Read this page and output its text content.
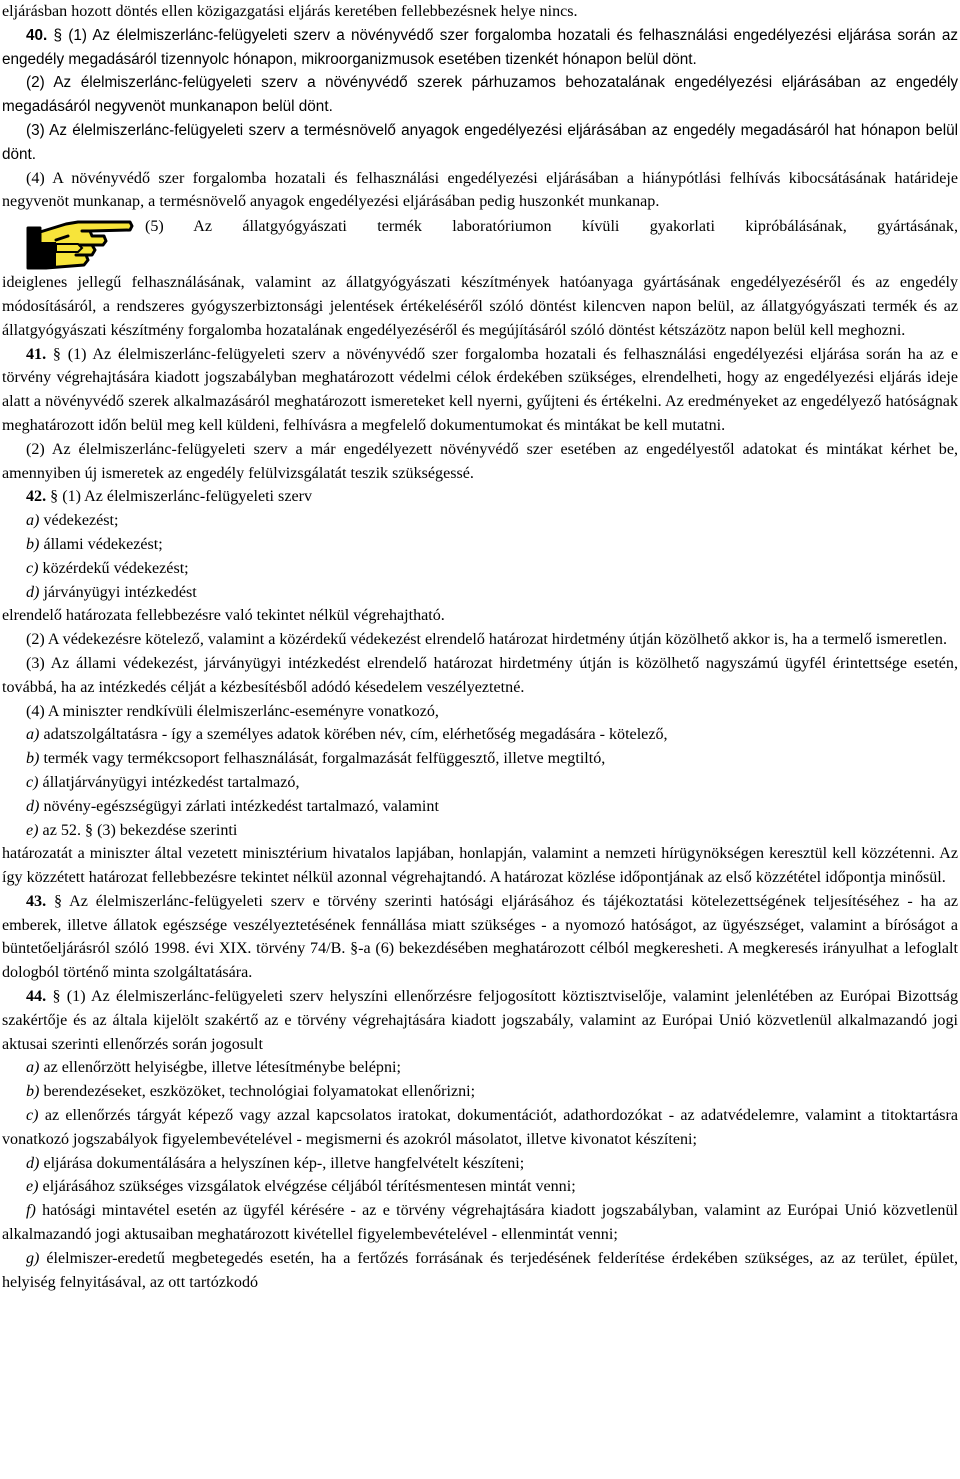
eljárásban hozott döntés ellen közigazgatási eljárás keretében fellebbezésnek helye nincs.

40. § (1) Az élelmiszerlánc-felügyeleti szerv a növényvédő szer forgalomba hozatali és felhasználási engedélyezési eljárása során az engedély megadásáról tizennyolc hónapon, mikroorganizmusok esetében tizenkét hónapon belül dönt.

(2) Az élelmiszerlánc-felügyeleti szerv a növényvédő szerek párhuzamos behozatalának engedélyezési eljárásában az engedély megadásáról negyvenöt munkanapon belül dönt.

(3) Az élelmiszerlánc-felügyeleti szerv a termésnövelő anyagok engedélyezési eljárásában az engedély megadásáról hat hónapon belül dönt.

(4) A növényvédő szer forgalomba hozatali és felhasználási engedélyezési eljárásában a hiánypótlási felhívás kibocsátásának határideje negyvenöt munkanap, a termésnövelő anyagok engedélyezési eljárásában pedig huszonkét munkanap.

(5) Az állatgyógyászati termék laboratóriumon kívüli gyakorlati kipróbálásának, gyártásának,

ideiglenes jellegű felhasználásának, valamint az állatgyógyászati készítmények hatóanyaga gyártásának engedélyezéséről és az engedély módosításáról, a rendszeres gyógyszerbiztonsági jelentések értékeléséről szóló döntést kilencven napon belül, az állatgyógyászati termék és az állatgyógyászati készítmény forgalomba hozatalának engedélyezéséről és megújításáról szóló döntést kétszázötz napon belül kell meghozni.

41. § (1) Az élelmiszerlánc-felügyeleti szerv a növényvédő szer forgalomba hozatali és felhasználási engedélyezési eljárása során ha az e törvény végrehajtására kiadott jogszabályban meghatározott védelmi célok érdekében szükséges, elrendelheti, hogy az engedélyezési eljárás ideje alatt a növényvédő szerek alkalmazásáról meghatározott ismereteket kell nyerni, gyűjteni és értékelni. Az eredményeket az engedélyező hatóságnak meghatározott időn belül meg kell küldeni, felhívásra a megfelelő dokumentumokat és mintákat be kell mutatni.

(2) Az élelmiszerlánc-felügyeleti szerv a már engedélyezett növényvédő szer esetében az engedélyestől adatokat és mintákat kérhet be, amennyiben új ismeretek az engedély felülvizsgálatát teszik szükségessé.

42. § (1) Az élelmiszerlánc-felügyeleti szerv

a) védekezést;

b) állami védekezést;

c) közérdekű védekezést;

d) járványügyi intézkedést

elrendelő határozata fellebbezésre való tekintet nélkül végrehajtható.

(2) A védekezésre kötelező, valamint a közérdekű védekezést elrendelő határozat hirdetmény útján közölhető akkor is, ha a termelő ismeretlen.

(3) Az állami védekezést, járványügyi intézkedést elrendelő határozat hirdetmény útján is közölhető nagyszámú ügyfél érintettsége esetén, továbbá, ha az intézkedés célját a kézbesítésből adódó késedelem veszélyeztetné.

(4) A miniszter rendkívüli élelmiszerlánc-eseményre vonatkozó,

a) adatszolgáltatásra - így a személyes adatok körében név, cím, elérhetőség megadására - kötelező,

b) termék vagy termékcsoport felhasználását, forgalmazását felfüggesztő, illetve megtiltó,

c) állatjárványügyi intézkedést tartalmazó,

d) növény-egészségügyi zárlati intézkedést tartalmazó, valamint

e) az 52. § (3) bekezdése szerinti

határozatát a miniszter által vezetett minisztérium hivatalos lapjában, honlapján, valamint a nemzeti hírügynökségen keresztül kell közzétenni. Az így közzétett határozat fellebbezésre tekintet nélkül azonnal végrehajtandó. A határozat közlése időpontjának az első közzététel időpontja minősül.

43. § Az élelmiszerlánc-felügyeleti szerv e törvény szerinti hatósági eljárásához és tájékoztatási kötelezettségének teljesítéséhez - ha az emberek, illetve állatok egészsége veszélyeztetésének fennállása miatt szükséges - a nyomozó hatóságot, az ügyészséget, valamint a bíróságot a büntetőeljárásról szóló 1998. évi XIX. törvény 74/B. §-a (6) bekezdésében meghatározott célból megkeresheti. A megkeresés irányulhat a lefoglalt dologból történő minta szolgáltatására.

44. § (1) Az élelmiszerlánc-felügyeleti szerv helyszíni ellenőrzésre feljogosított köztisztviselője, valamint jelenlétében az Európai Bizottság szakértője és az általa kijelölt szakértő az e törvény végrehajtására kiadott jogszabály, valamint az Európai Unió közvetlenül alkalmazandó jogi aktusai szerinti ellenőrzés során jogosult

a) az ellenőrzött helyiségbe, illetve létesítménybe belépni;

b) berendezéseket, eszközöket, technológiai folyamatokat ellenőrizni;

c) az ellenőrzés tárgyát képező vagy azzal kapcsolatos iratokat, dokumentációt, adathordozókat - az adatvédelemre, valamint a titoktartásra vonatkozó jogszabályok figyelembevételével - megismerni és azokról másolatot, illetve kivonatot készíteni;

d) eljárása dokumentálására a helyszínen kép-, illetve hangfelvételt készíteni;

e) eljárásához szükséges vizsgálatok elvégzése céljából térítésmentesen mintát venni;

f) hatósági mintavétel esetén az ügyfél kérésére - az e törvény végrehajtására kiadott jogszabályban, valamint az Európai Unió közvetlenül alkalmazandó jogi aktusaiban meghatározott kivétellel figyelembevételével - ellenmintát venni;

g) élelmiszer-eredetű megbetegedés esetén, ha a fertőzés forrásának és terjedésének felderítése érdekében szükséges, az az terület, épület, helyiség felnyitásával, az ott tartózkodó
